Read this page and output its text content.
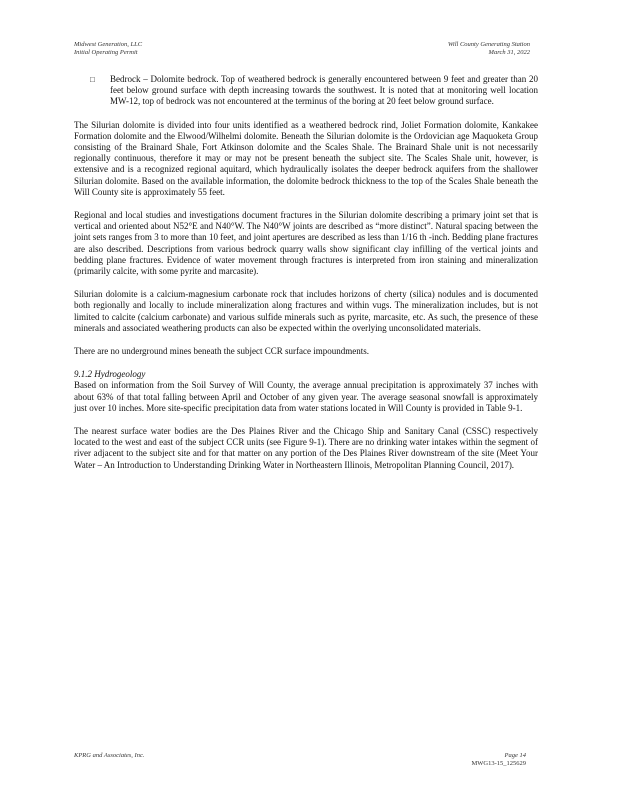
Midwest Generation, LLC
Initial Operating Permit
Will County Generating Station
March 31, 2022

□ Bedrock – Dolomite bedrock. Top of weathered bedrock is generally encountered between 9 feet and greater than 20 feet below ground surface with depth increasing towards the southwest. It is noted that at monitoring well location MW-12, top of bedrock was not encountered at the terminus of the boring at 20 feet below ground surface.

The Silurian dolomite is divided into four units identified as a weathered bedrock rind, Joliet Formation dolomite, Kankakee Formation dolomite and the Elwood/Wilhelmi dolomite. Beneath the Silurian dolomite is the Ordovician age Maquoketa Group consisting of the Brainard Shale, Fort Atkinson dolomite and the Scales Shale. The Brainard Shale unit is not necessarily regionally continuous, therefore it may or may not be present beneath the subject site. The Scales Shale unit, however, is extensive and is a recognized regional aquitard, which hydraulically isolates the deeper bedrock aquifers from the shallower Silurian dolomite. Based on the available information, the dolomite bedrock thickness to the top of the Scales Shale beneath the Will County site is approximately 55 feet.

Regional and local studies and investigations document fractures in the Silurian dolomite describing a primary joint set that is vertical and oriented about N52°E and N40°W. The N40°W joints are described as “more distinct”. Natural spacing between the joint sets ranges from 3 to more than 10 feet, and joint apertures are described as less than 1/16 th -inch. Bedding plane fractures are also described. Descriptions from various bedrock quarry walls show significant clay infilling of the vertical joints and bedding plane fractures. Evidence of water movement through fractures is interpreted from iron staining and mineralization (primarily calcite, with some pyrite and marcasite).

Silurian dolomite is a calcium-magnesium carbonate rock that includes horizons of cherty (silica) nodules and is documented both regionally and locally to include mineralization along fractures and within vugs. The mineralization includes, but is not limited to calcite (calcium carbonate) and various sulfide minerals such as pyrite, marcasite, etc. As such, the presence of these minerals and associated weathering products can also be expected within the overlying unconsolidated materials.

There are no underground mines beneath the subject CCR surface impoundments.

9.1.2 Hydrogeology

Based on information from the Soil Survey of Will County, the average annual precipitation is approximately 37 inches with about 63% of that total falling between April and October of any given year. The average seasonal snowfall is approximately just over 10 inches. More site-specific precipitation data from water stations located in Will County is provided in Table 9-1.

The nearest surface water bodies are the Des Plaines River and the Chicago Ship and Sanitary Canal (CSSC) respectively located to the west and east of the subject CCR units (see Figure 9-1). There are no drinking water intakes within the segment of river adjacent to the subject site and for that matter on any portion of the Des Plaines River downstream of the site (Meet Your Water – An Introduction to Understanding Drinking Water in Northeastern Illinois, Metropolitan Planning Council, 2017).

KPRG and Associates, Inc.	Page 14
MWG13-15_125629
